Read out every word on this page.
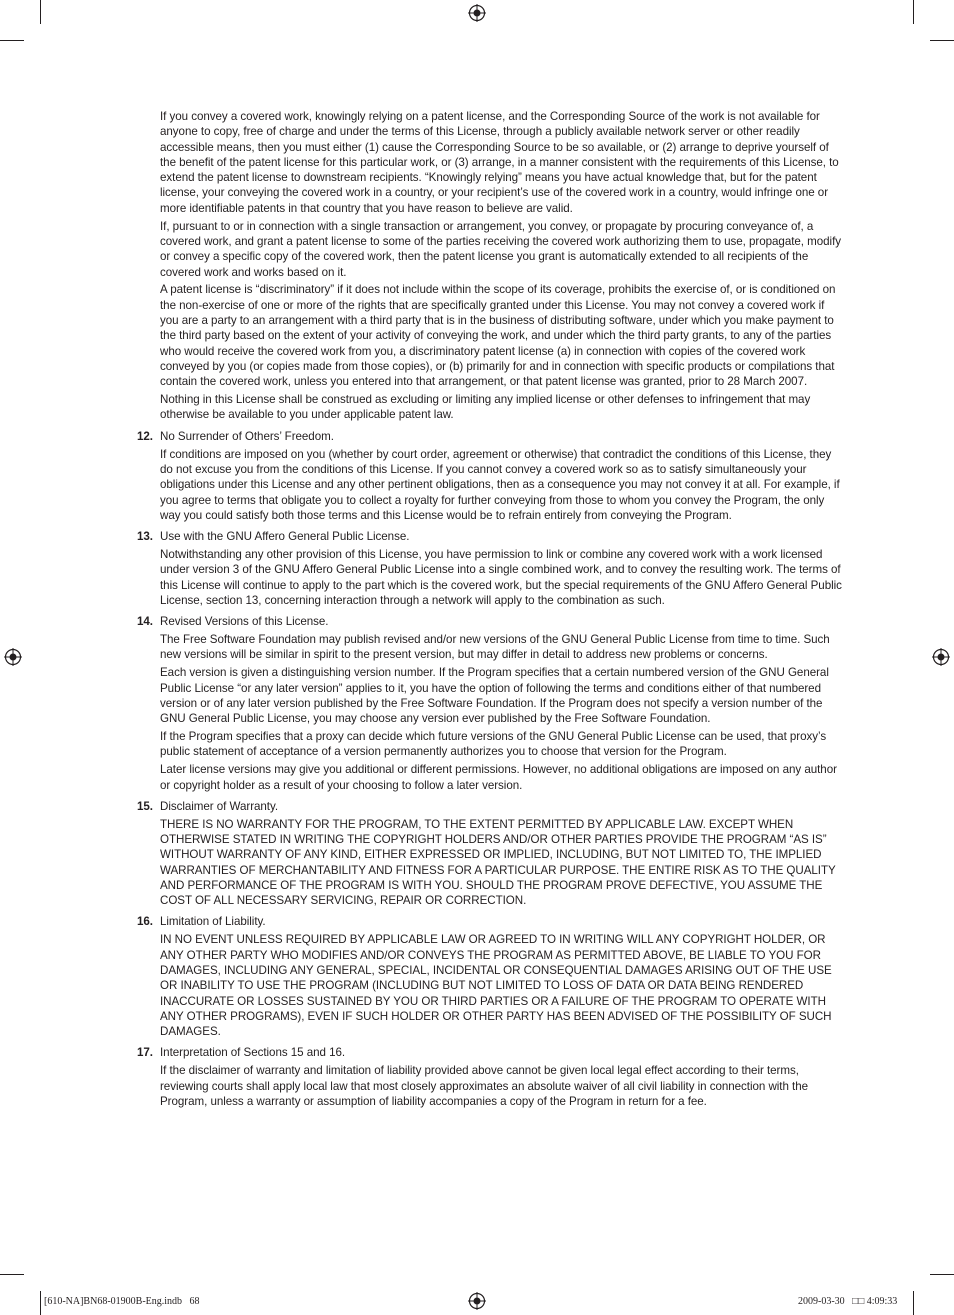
If you convey a covered work, knowingly relying on a patent license, and the Corresponding Source of the work is not available for anyone to copy, free of charge and under the terms of this License, through a publicly available network server or other readily accessible means, then you must either (1) cause the Corresponding Source to be so available, or (2) arrange to deprive yourself of the benefit of the patent license for this particular work, or (3) arrange, in a manner consistent with the requirements of this License, to extend the patent license to downstream recipients. “Knowingly relying” means you have actual knowledge that, but for the patent license, your conveying the covered work in a country, or your recipient’s use of the covered work in a country, would infringe one or more identifiable patents in that country that you have reason to believe are valid.

If, pursuant to or in connection with a single transaction or arrangement, you convey, or propagate by procuring conveyance of, a covered work, and grant a patent license to some of the parties receiving the covered work authorizing them to use, propagate, modify or convey a specific copy of the covered work, then the patent license you grant is automatically extended to all recipients of the covered work and works based on it.

A patent license is “discriminatory” if it does not include within the scope of its coverage, prohibits the exercise of, or is conditioned on the non-exercise of one or more of the rights that are specifically granted under this License. You may not convey a covered work if you are a party to an arrangement with a third party that is in the business of distributing software, under which you make payment to the third party based on the extent of your activity of conveying the work, and under which the third party grants, to any of the parties who would receive the covered work from you, a discriminatory patent license (a) in connection with copies of the covered work conveyed by you (or copies made from those copies), or (b) primarily for and in connection with specific products or compilations that contain the covered work, unless you entered into that arrangement, or that patent license was granted, prior to 28 March 2007.

Nothing in this License shall be construed as excluding or limiting any implied license or other defenses to infringement that may otherwise be available to you under applicable patent law.

12. No Surrender of Others’ Freedom.

If conditions are imposed on you (whether by court order, agreement or otherwise) that contradict the conditions of this License, they do not excuse you from the conditions of this License. If you cannot convey a covered work so as to satisfy simultaneously your obligations under this License and any other pertinent obligations, then as a consequence you may not convey it at all. For example, if you agree to terms that obligate you to collect a royalty for further conveying from those to whom you convey the Program, the only way you could satisfy both those terms and this License would be to refrain entirely from conveying the Program.

13. Use with the GNU Affero General Public License.

Notwithstanding any other provision of this License, you have permission to link or combine any covered work with a work licensed under version 3 of the GNU Affero General Public License into a single combined work, and to convey the resulting work. The terms of this License will continue to apply to the part which is the covered work, but the special requirements of the GNU Affero General Public License, section 13, concerning interaction through a network will apply to the combination as such.

14. Revised Versions of this License.

The Free Software Foundation may publish revised and/or new versions of the GNU General Public License from time to time. Such new versions will be similar in spirit to the present version, but may differ in detail to address new problems or concerns.

Each version is given a distinguishing version number. If the Program specifies that a certain numbered version of the GNU General Public License “or any later version” applies to it, you have the option of following the terms and conditions either of that numbered version or of any later version published by the Free Software Foundation. If the Program does not specify a version number of the GNU General Public License, you may choose any version ever published by the Free Software Foundation.

If the Program specifies that a proxy can decide which future versions of the GNU General Public License can be used, that proxy’s public statement of acceptance of a version permanently authorizes you to choose that version for the Program.

Later license versions may give you additional or different permissions. However, no additional obligations are imposed on any author or copyright holder as a result of your choosing to follow a later version.

15. Disclaimer of Warranty.

THERE IS NO WARRANTY FOR THE PROGRAM, TO THE EXTENT PERMITTED BY APPLICABLE LAW. EXCEPT WHEN OTHERWISE STATED IN WRITING THE COPYRIGHT HOLDERS AND/OR OTHER PARTIES PROVIDE THE PROGRAM “AS IS” WITHOUT WARRANTY OF ANY KIND, EITHER EXPRESSED OR IMPLIED, INCLUDING, BUT NOT LIMITED TO, THE IMPLIED WARRANTIES OF MERCHANTABILITY AND FITNESS FOR A PARTICULAR PURPOSE. THE ENTIRE RISK AS TO THE QUALITY AND PERFORMANCE OF THE PROGRAM IS WITH YOU. SHOULD THE PROGRAM PROVE DEFECTIVE, YOU ASSUME THE COST OF ALL NECESSARY SERVICING, REPAIR OR CORRECTION.

16. Limitation of Liability.

IN NO EVENT UNLESS REQUIRED BY APPLICABLE LAW OR AGREED TO IN WRITING WILL ANY COPYRIGHT HOLDER, OR ANY OTHER PARTY WHO MODIFIES AND/OR CONVEYS THE PROGRAM AS PERMITTED ABOVE, BE LIABLE TO YOU FOR DAMAGES, INCLUDING ANY GENERAL, SPECIAL, INCIDENTAL OR CONSEQUENTIAL DAMAGES ARISING OUT OF THE USE OR INABILITY TO USE THE PROGRAM (INCLUDING BUT NOT LIMITED TO LOSS OF DATA OR DATA BEING RENDERED INACCURATE OR LOSSES SUSTAINED BY YOU OR THIRD PARTIES OR A FAILURE OF THE PROGRAM TO OPERATE WITH ANY OTHER PROGRAMS), EVEN IF SUCH HOLDER OR OTHER PARTY HAS BEEN ADVISED OF THE POSSIBILITY OF SUCH DAMAGES.

17. Interpretation of Sections 15 and 16.

If the disclaimer of warranty and limitation of liability provided above cannot be given local legal effect according to their terms, reviewing courts shall apply local law that most closely approximates an absolute waiver of all civil liability in connection with the Program, unless a warranty or assumption of liability accompanies a copy of the Program in return for a fee.

[610-NA]BN68-01900B-Eng.indb   68	2009-03-30   □□ 4:09:33
